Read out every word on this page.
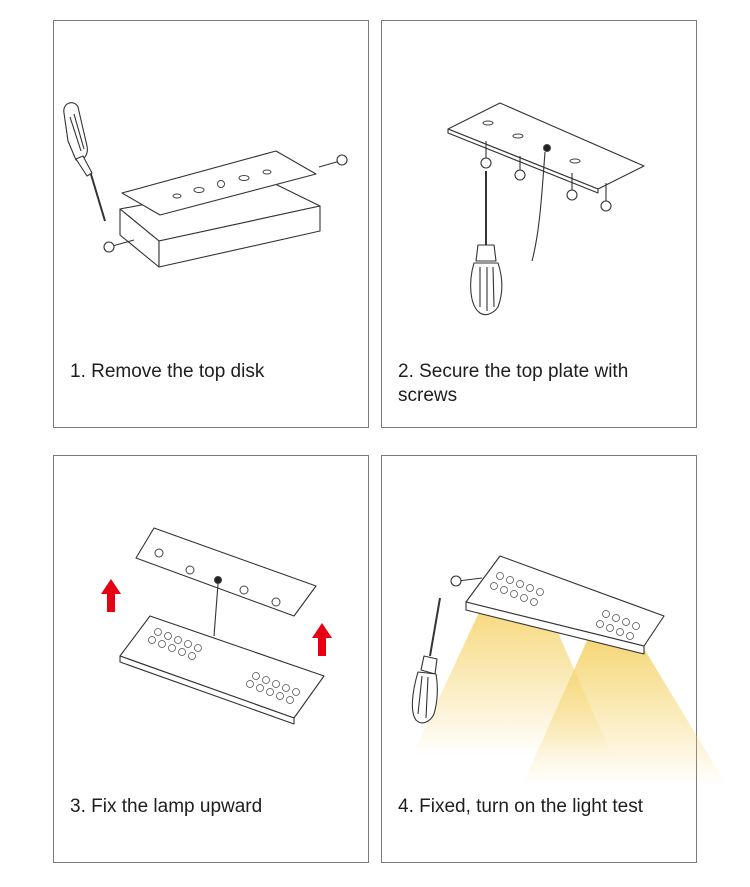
1. Remove the top disk	2. Secure the top plate with screws
3. Fix the lamp upward	4. Fixed, turn on the light test
